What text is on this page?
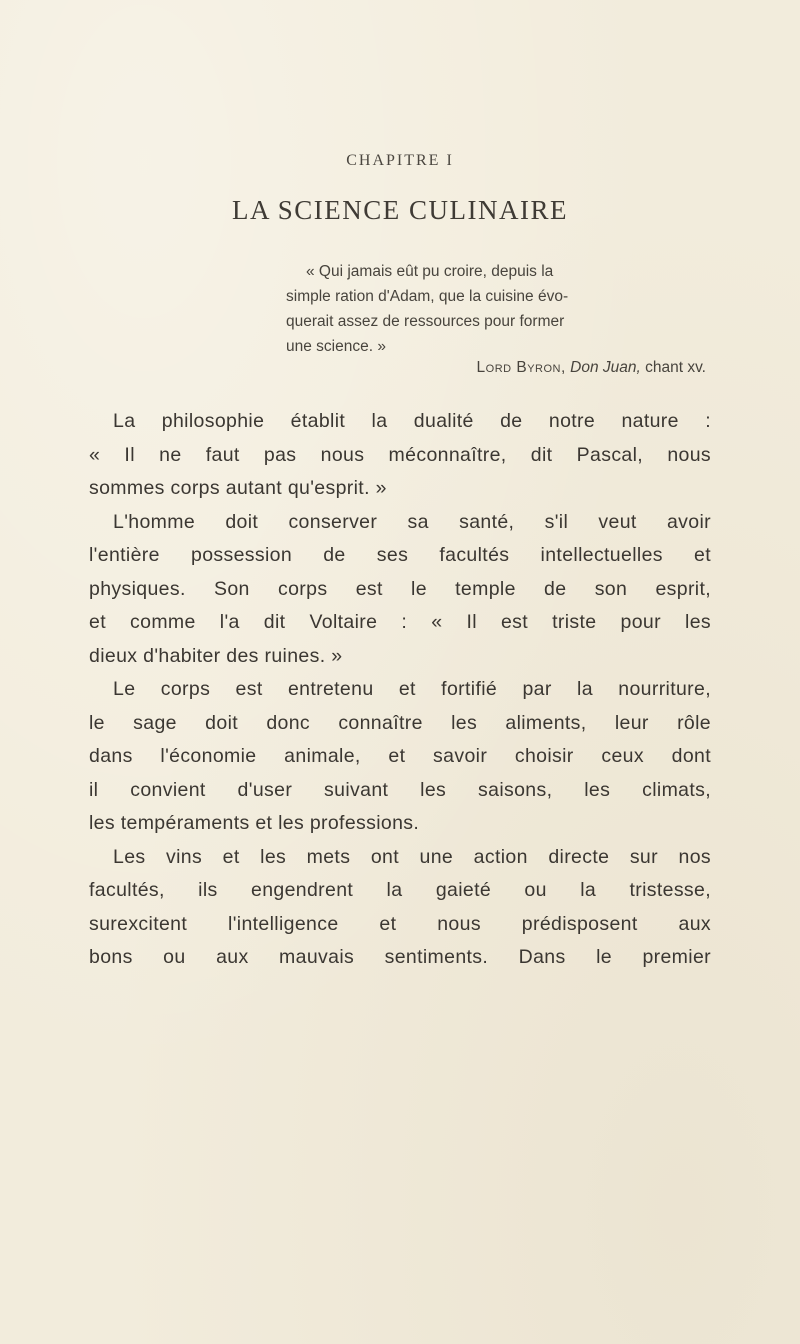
CHAPITRE I
LA SCIENCE CULINAIRE

« Qui jamais eût pu croire, depuis la

simple ration d'Adam, que la cuisine évo-

querait assez de ressources pour former

une science. »

Lord Byron, Don Juan, chant xv.
La philosophie établit la dualité de notre nature :
« Il ne faut pas nous méconnaître, dit Pascal, nous
sommes corps autant qu'esprit. »
L'homme doit conserver sa santé, s'il veut avoir
l'entière possession de ses facultés intellectuelles et
physiques. Son corps est le temple de son esprit,
et comme l'a dit Voltaire : « Il est triste pour les
dieux d'habiter des ruines. »
Le corps est entretenu et fortifié par la nourriture,
le sage doit donc connaître les aliments, leur rôle
dans l'économie animale, et savoir choisir ceux dont
il convient d'user suivant les saisons, les climats,
les tempéraments et les professions.
Les vins et les mets ont une action directe sur nos
facultés, ils engendrent la gaieté ou la tristesse,
surexcitent l'intelligence et nous prédisposent aux
bons ou aux mauvais sentiments. Dans le premier
